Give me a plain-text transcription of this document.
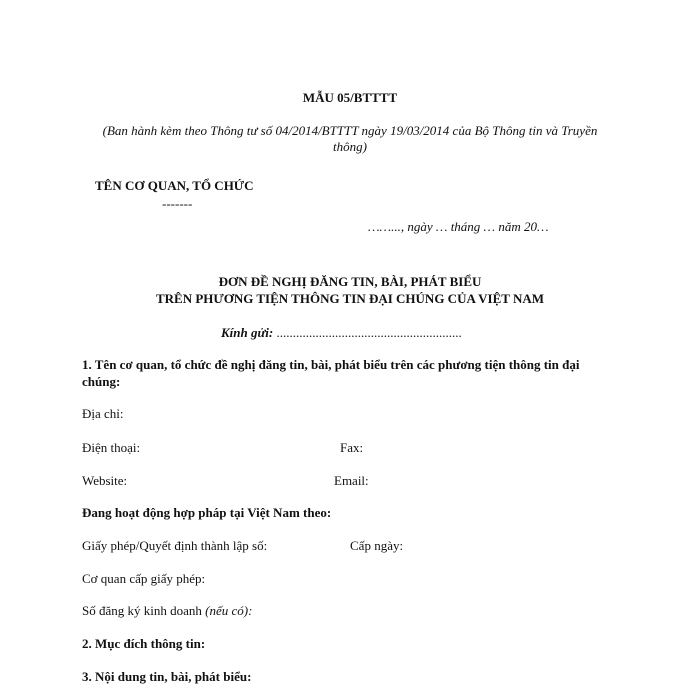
MẪU 05/BTTTT
(Ban hành kèm theo Thông tư số 04/2014/BTTTT ngày 19/03/2014 của Bộ Thông tin và Truyền
thông)
TÊN CƠ QUAN, TỔ CHỨC
-------
……..., ngày … tháng … năm 20…
ĐƠN ĐỀ NGHỊ ĐĂNG TIN, BÀI, PHÁT BIỂU
TRÊN PHƯƠNG TIỆN THÔNG TIN ĐẠI CHÚNG CỦA VIỆT NAM
Kính gửi: .........................................................
1. Tên cơ quan, tổ chức đề nghị đăng tin, bài, phát biểu trên các phương tiện thông tin đại
chúng:
Địa chỉ:
Điện thoại:	Fax:
Website:	Email:
Đang hoạt động hợp pháp tại Việt Nam theo:
Giấy phép/Quyết định thành lập số:	Cấp ngày:
Cơ quan cấp giấy phép:
Số đăng ký kinh doanh (nếu có):
2. Mục đích thông tin:
3. Nội dung tin, bài, phát biểu:
